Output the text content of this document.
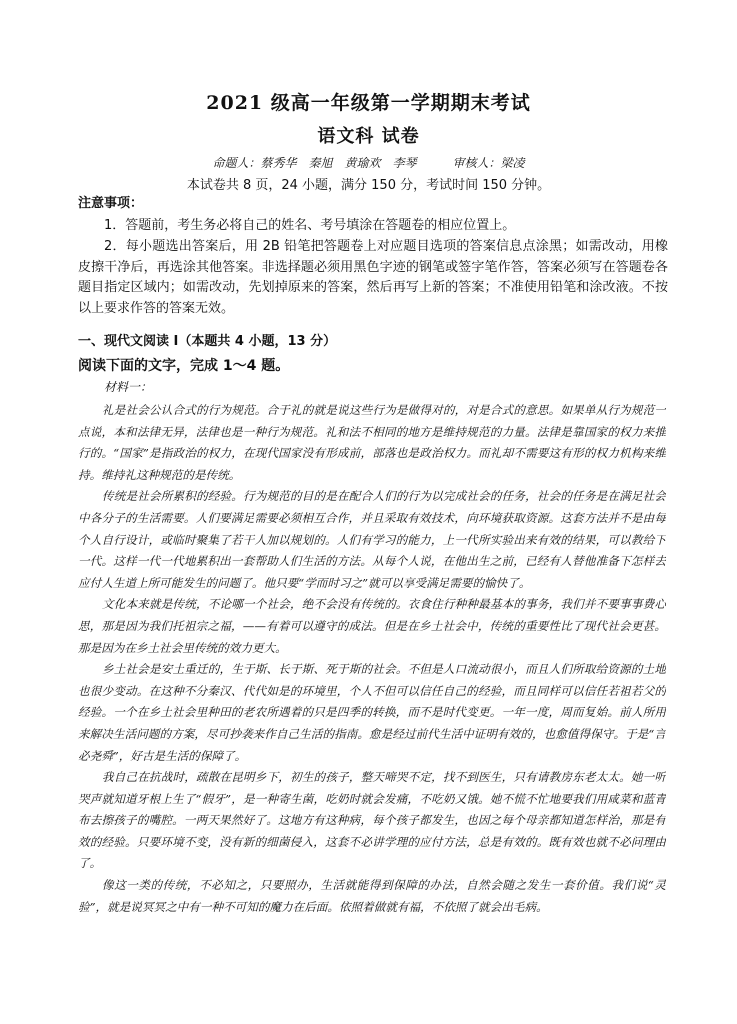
2021 级高一年级第一学期期末考试
语文科 试卷
命题人：蔡秀华　秦旭　黄瑜欢　李琴　　　审核人：梁凌
本试卷共 8 页，24 小题，满分 150 分，考试时间 150 分钟。
注意事项：
1．答题前，考生务必将自己的姓名、考号填涂在答题卷的相应位置上。
2．每小题选出答案后，用 2B 铅笔把答题卷上对应题目选项的答案信息点涂黑；如需改动，用橡皮擦干净后，再选涂其他答案。非选择题必须用黑色字迹的钢笔或签字笔作答，答案必须写在答题卷各题目指定区域内；如需改动，先划掉原来的答案，然后再写上新的答案；不准使用铅笔和涂改液。不按以上要求作答的答案无效。
一、现代文阅读 I（本题共 4 小题，13 分）
阅读下面的文字，完成 1～4 题。
材料一：

礼是社会公认合式的行为规范。合于礼的就是说这些行为是做得对的，对是合式的意思。如果单从行为规范一点说，本和法律无异，法律也是一种行为规范。礼和法不相同的地方是维持规范的力量。法律是靠国家的权力来推行的。“国家”是指政治的权力，在现代国家没有形成前，部落也是政治权力。而礼却不需要这有形的权力机构来维持。维持礼这种规范的是传统。

传统是社会所累积的经验。行为规范的目的是在配合人们的行为以完成社会的任务，社会的任务是在满足社会中各分子的生活需要。人们要满足需要必须相互合作，并且采取有效技术，向环境获取资源。这套方法并不是由每个人自行设计，或临时聚集了若干人加以规划的。人们有学习的能力，上一代所实验出来有效的结果，可以教给下一代。这样一代一代地累积出一套帮助人们生活的方法。从每个人说，在他出生之前，已经有人替他准备下怎样去应付人生道上所可能发生的问题了。他只要“学而时习之”就可以享受满足需要的愉快了。

文化本来就是传统，不论哪一个社会，绝不会没有传统的。衣食住行种种最基本的事务，我们并不要事事费心思，那是因为我们托祖宗之福，——有着可以遵守的成法。但是在乡土社会中，传统的重要性比了现代社会更甚。那是因为在乡土社会里传统的效力更大。

乡土社会是安土重迁的，生于斯、长于斯、死于斯的社会。不但是人口流动很小，而且人们所取给资源的土地也很少变动。在这种不分秦汉、代代如是的环境里，个人不但可以信任自己的经验，而且同样可以信任若祖若父的经验。一个在乡土社会里种田的老农所遇着的只是四季的转换，而不是时代变更。一年一度，周而复始。前人所用来解决生活问题的方案，尽可抄袭来作自己生活的指南。愈是经过前代生活中证明有效的，也愈值得保守。于是“言必尧舜”，好古是生活的保障了。

我自己在抗战时，疏散在昆明乡下，初生的孩子，整天啼哭不定，找不到医生，只有请教房东老太太。她一听哭声就知道牙根上生了“假牙”，是一种寄生菌，吃奶时就会发痛，不吃奶又饿。她不慌不忙地要我们用咸菜和蓝青布去擦孩子的嘴腔。一两天果然好了。这地方有这种病，每个孩子都发生，也因之每个母亲都知道怎样治，那是有效的经验。只要环境不变，没有新的细菌侵入，这套不必讲学理的应付方法，总是有效的。既有效也就不必问理由了。

像这一类的传统，不必知之，只要照办，生活就能得到保障的办法，自然会随之发生一套价值。我们说“灵验”，就是说冥冥之中有一种不可知的魔力在后面。依照着做就有福，不依照了就会出毛病。
